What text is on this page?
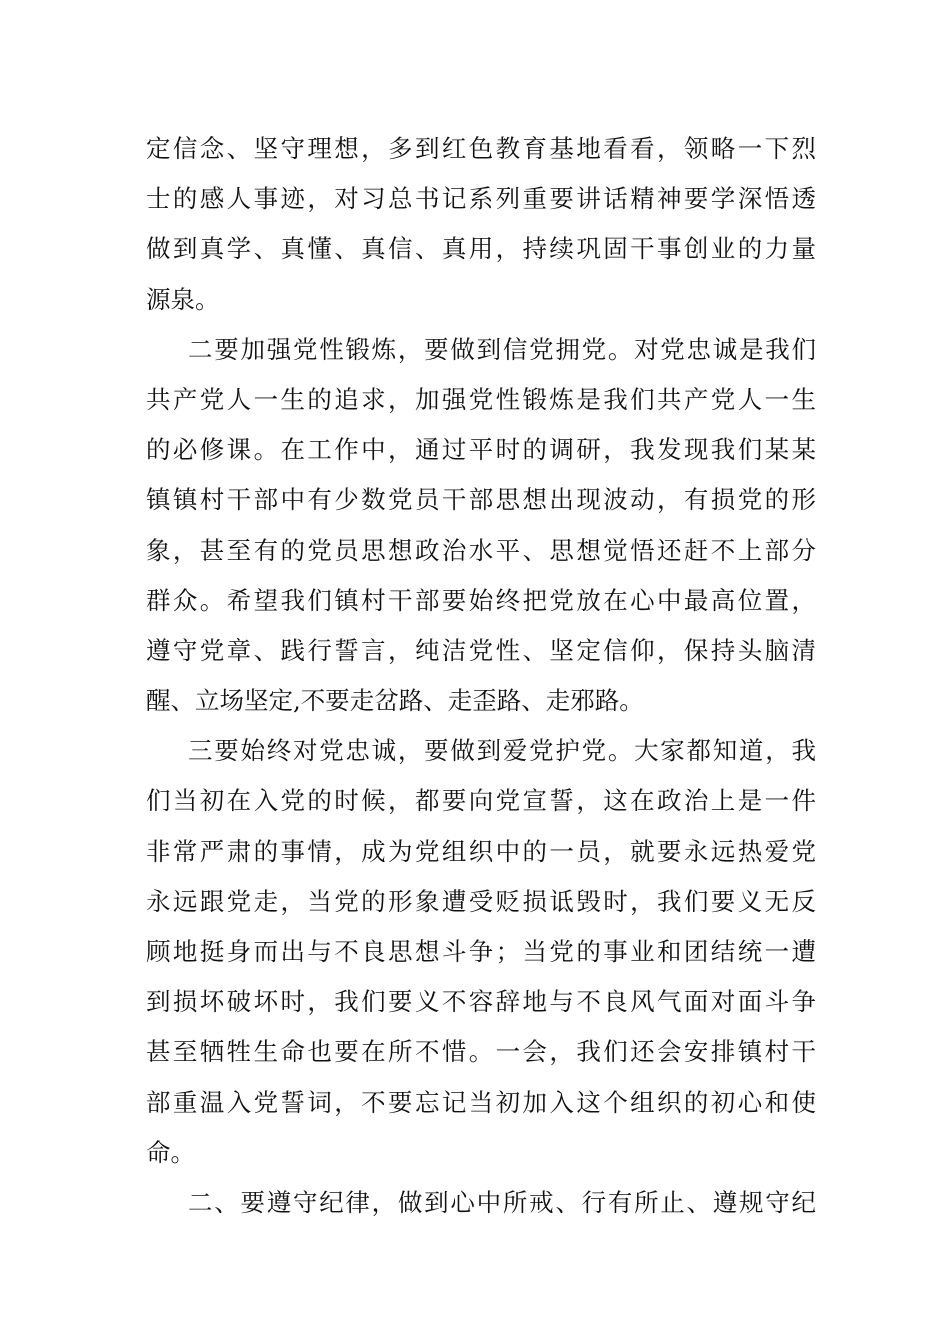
定信念、坚守理想，多到红色教育基地看看，领略一下烈
士的感人事迹，对习总书记系列重要讲话精神要学深悟透
做到真学、真懂、真信、真用，持续巩固干事创业的力量
源泉。
二要加强党性锻炼，要做到信党拥党。对党忠诚是我们
共产党人一生的追求，加强党性锻炼是我们共产党人一生
的必修课。在工作中，通过平时的调研，我发现我们某某
镇镇村干部中有少数党员干部思想出现波动，有损党的形
象，甚至有的党员思想政治水平、思想觉悟还赶不上部分
群众。希望我们镇村干部要始终把党放在心中最高位置，
遵守党章、践行誓言，纯洁党性、坚定信仰，保持头脑清
醒、立场坚定,不要走岔路、走歪路、走邪路。
三要始终对党忠诚，要做到爱党护党。大家都知道，我
们当初在入党的时候，都要向党宣誓，这在政治上是一件
非常严肃的事情，成为党组织中的一员，就要永远热爱党
永远跟党走，当党的形象遭受贬损诋毁时，我们要义无反
顾地挺身而出与不良思想斗争；当党的事业和团结统一遭
到损坏破坏时，我们要义不容辞地与不良风气面对面斗争
甚至牺牲生命也要在所不惜。一会，我们还会安排镇村干
部重温入党誓词，不要忘记当初加入这个组织的初心和使
命。
二、要遵守纪律，做到心中所戒、行有所止、遵规守纪
